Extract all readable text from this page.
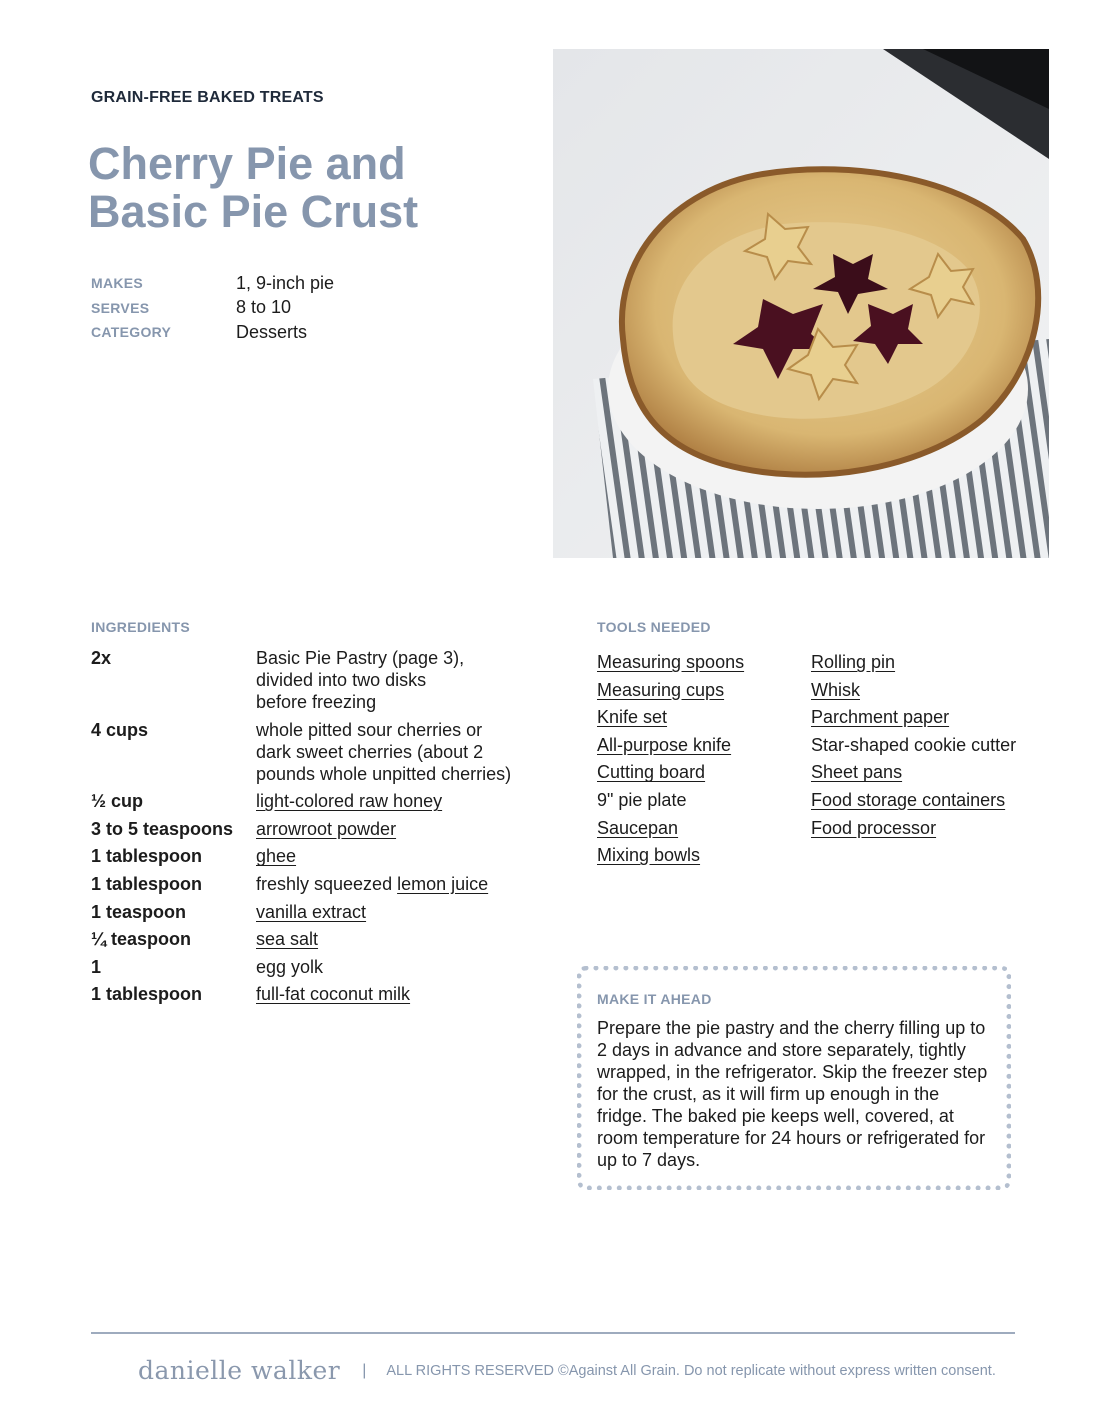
GRAIN-FREE BAKED TREATS
Cherry Pie and
Basic Pie Crust
MAKES	1, 9-inch pie
SERVES	8 to 10
CATEGORY	Desserts
INGREDIENTS
2x	Basic Pie Pastry (page 3),
divided into two disks
before freezing
4 cups	whole pitted sour cherries or
dark sweet cherries (about 2
pounds whole unpitted cherries)
½ cup	light-colored raw honey
3 to 5 teaspoons	arrowroot powder
1 tablespoon	ghee
1 tablespoon	freshly squeezed lemon juice
1 teaspoon	vanilla extract
¼ teaspoon	sea salt
1	egg yolk
1 tablespoon	full-fat coconut milk
TOOLS NEEDED
Measuring spoons
Measuring cups
Knife set
All-purpose knife
Cutting board
9" pie plate
Saucepan
Mixing bowls
Rolling pin
Whisk
Parchment paper
Star-shaped cookie cutter
Sheet pans
Food storage containers
Food processor
MAKE IT AHEAD

Prepare the pie pastry and the cherry filling up to 2 days in advance and store separately, tightly wrapped, in the refrigerator. Skip the freezer step for the crust, as it will firm up enough in the fridge. The baked pie keeps well, covered, at room temperature for 24 hours or refrigerated for up to 7 days.

danielle walker | ALL RIGHTS RESERVED ©Against All Grain. Do not replicate without express written consent.
